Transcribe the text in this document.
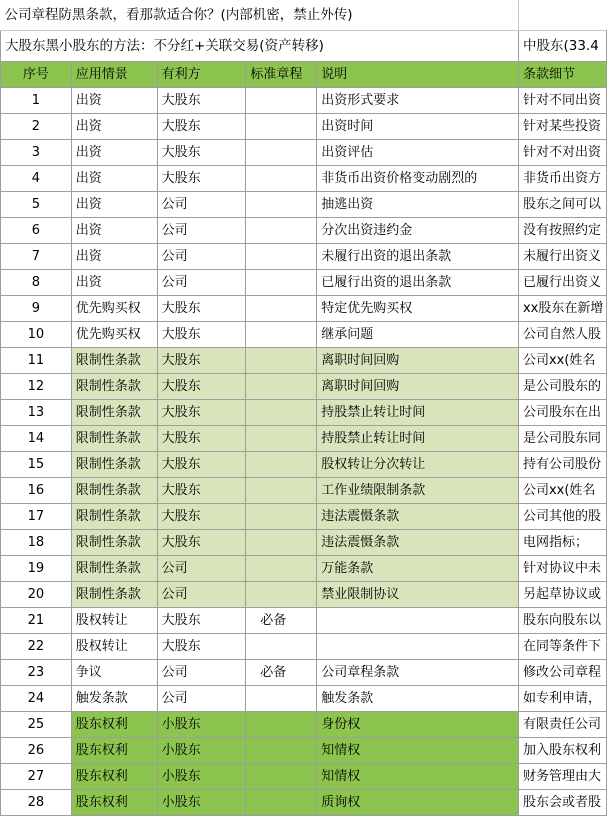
公司章程防黑条款，看那款适合你？(内部机密，禁止外传)					
大股东黑小股东的方法：不分红+关联交易(资产转移)					中股东(33.4
序号	应用情景	有利方	标准章程	说明	条款细节
1	出资	大股东		出资形式要求	针对不同出资
2	出资	大股东		出资时间	针对某些投资
3	出资	大股东		出资评估	针对不对出资
4	出资	大股东		非货币出资价格变动剧烈的	非货币出资方
5	出资	公司		抽逃出资	股东之间可以
6	出资	公司		分次出资违约金	没有按照约定
7	出资	公司		未履行出资的退出条款	未履行出资义
8	出资	公司		已履行出资的退出条款	已履行出资义
9	优先购买权	大股东		特定优先购买权	xx股东在新增
10	优先购买权	大股东		继承问题	公司自然人股
11	限制性条款	大股东		离职时间回购	公司xx(姓名
12	限制性条款	大股东		离职时间回购	是公司股东的
13	限制性条款	大股东		持股禁止转让时间	公司股东在出
14	限制性条款	大股东		持股禁止转让时间	是公司股东同
15	限制性条款	大股东		股权转让分次转让	持有公司股份
16	限制性条款	大股东		工作业绩限制条款	公司xx(姓名
17	限制性条款	大股东		违法震慑条款	公司其他的股
18	限制性条款	大股东		违法震慑条款	电网指标；
19	限制性条款	公司		万能条款	针对协议中未
20	限制性条款	公司		禁业限制协议	另起草协议或
21	股权转让	大股东	必备		股东向股东以
22	股权转让	大股东			在同等条件下
23	争议	公司	必备	公司章程条款	修改公司章程
24	触发条款	公司		触发条款	如专利申请，
25	股东权利	小股东		身份权	有限责任公司
26	股东权利	小股东		知情权	加入股东权利
27	股东权利	小股东		知情权	财务管理由大
28	股东权利	小股东		质询权	股东会或者股
